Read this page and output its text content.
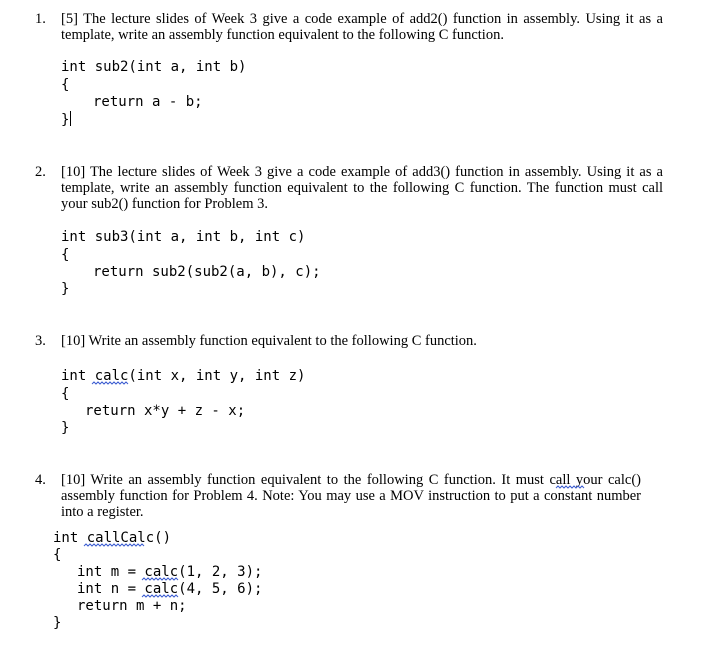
1. [5] The lecture slides of Week 3 give a code example of add2() function in assembly. Using it as a template, write an assembly function equivalent to the following C function.
int sub2(int a, int b)
{
return a - b;
}
2. [10] The lecture slides of Week 3 give a code example of add3() function in assembly. Using it as a template, write an assembly function equivalent to the following C function. The function must call your sub2() function for Problem 3.
int sub3(int a, int b, int c)
{
return sub2(sub2(a, b), c);
}
3. [10] Write an assembly function equivalent to the following C function.
int calc(int x, int y, int z)
{
return x*y + z - x;
}
4. [10] Write an assembly function equivalent to the following C function. It must call your calc() assembly function for Problem 4. Note: You may use a MOV instruction to put a constant number into a register.
int callCalc()
{
int m = calc(1, 2, 3);
int n = calc(4, 5, 6);
return m + n;
}
